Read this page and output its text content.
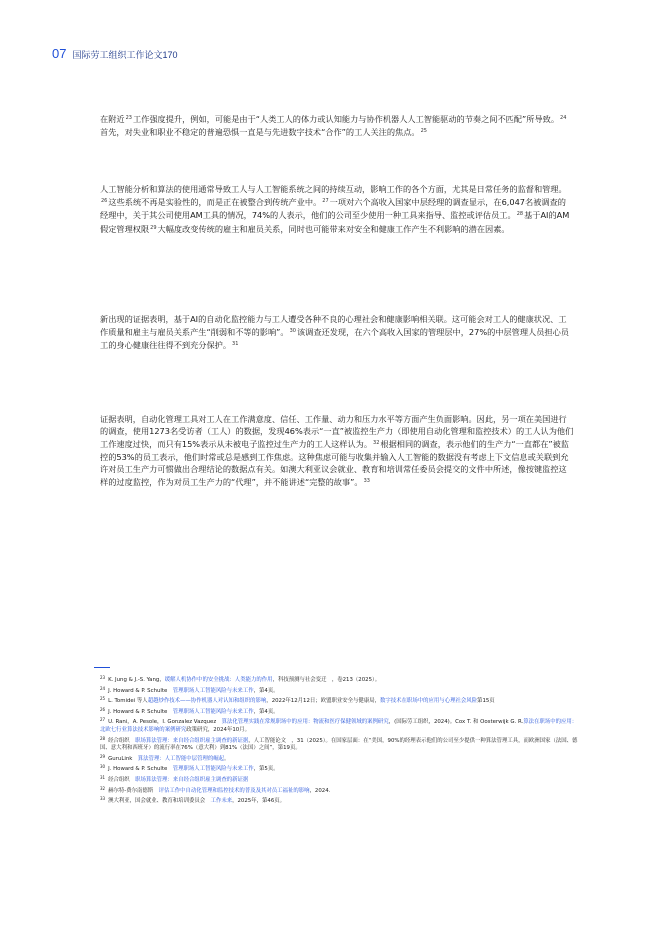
07 国际劳工组织工作论文170

在附近$^{23}$工作强度提升，例如，可能是由于“人类工人的体力或认知能力与协作机器人人工智能驱动的节奏之间不匹配”所导致。$^{24}$首先，对失业和职业不稳定的普遍恐惧一直是与先进数字技术“合作”的工人关注的焦点。$^{25}$

人工智能分析和算法的使用通常导致工人与人工智能系统之间的持续互动，影响工作的各个方面，尤其是日常任务的监督和管理。$^{26}$这些系统不再是实验性的，而是正在被整合到传统产业中。$^{27}$一项对六个高收入国家中层经理的调查显示，在6,047名被调查的经理中，关于其公司使用AM工具的情况，74%的人表示，他们的公司至少使用一种工具来指导、监控或评估员工。$^{28}$基于AI的AM假定管理权限$^{29}$大幅度改变传统的雇主和雇员关系，同时也可能带来对安全和健康工作产生不利影响的潜在因素。

新出现的证据表明，基于AI的自动化监控能力与工人遭受各种不良的心理社会和健康影响相关联。这可能会对工人的健康状况、工作质量和雇主与雇员关系产生“削弱和不等的影响”。$^{30}$该调查还发现，在六个高收入国家的管理层中，27%的中层管理人员担心员工的身心健康往往得不到充分保护。$^{31}$

证据表明，自动化管理工具对工人在工作满意度、信任、工作量、动力和压力水平等方面产生负面影响。因此，另一项在美国进行的调查，使用1273名受访者（工人）的数据，发现46%表示“一直”被监控生产力（即使用自动化管理和监控技术）的工人认为他们工作速度过快，而只有15%表示从未被电子监控过生产力的工人这样认为。$^{32}$根据相同的调查，表示他们的生产力“一直都在”被监控的53%的员工表示，他们时常或总是感到工作焦虑。这种焦虑可能与收集并输入人工智能的数据没有考虑上下文信息或关联到允许对员工生产力可惯做出合理结论的数据点有关。如澳大利亚议会就业、教育和培训常任委员会提交的文件中所述，像按键监控这样的过度监控，作为对员工生产力的“代理”，并不能讲述“完整的故事”。$^{33}$

$^{23}$ K. Jung & J.-S. Yang，缓解人机协作中的安全挑战：人类能力的作用，科技预测与社会变迁　，卷213（2025）。

$^{24}$ J. Howard & P. Schulte　管理职场人工智能风险与未来工作，第4页。

$^{25}$ L. Tomidei 等人超越炒作技术——协作机器人对认知和组织的影响，2022年12月12日；欧盟职业安全与健康局，数字技术在职场中的应用与心理社会风险第15页

$^{26}$ J. Howard & P. Schulte　管理职场人工智能风险与未来工作，第4页。

$^{27}$ U. Rani，A. Pesole，I. Gonzalez Vazquez　算法化管理实践在常规职场中的应用：物流和医疗保健领域的案例研究，(国际劳工组织，2024)。Cox T. 和 Oosterwijk G. R.算法在职场中的应用：北欧七行业算法技术影响的案例研究政策研究，2024年10月。

$^{28}$ 经合组织　职场算法管理：来自经合组织雇主调查的新证据，人工智能论文　，31（2025）。在国家层面：在“美国，90%的经理表示他们的公司至少提供一种算法管理工具，而欧洲国家（法国、德国、意大利和西班牙）的流行率在76%（意大利）到81%（法国）之间”，第19页。

$^{29}$ GuruLink　算法管理：人工智能中层管理的崛起。

$^{30}$ J. Howard & P. Schulte　管理职场人工智能风险与未来工作，第5页。

$^{31}$ 经合组织　职场算法管理：来自经合组织雇主调查的新证据

$^{32}$ 赫尔特-费尔南德斯　评估工作中自动化管理和监控技术的普及及其对员工福祉的影响，2024.

$^{33}$ 澳大利亚，国会就业、教育和培训委员会　工作未来，2025年，第46页。
